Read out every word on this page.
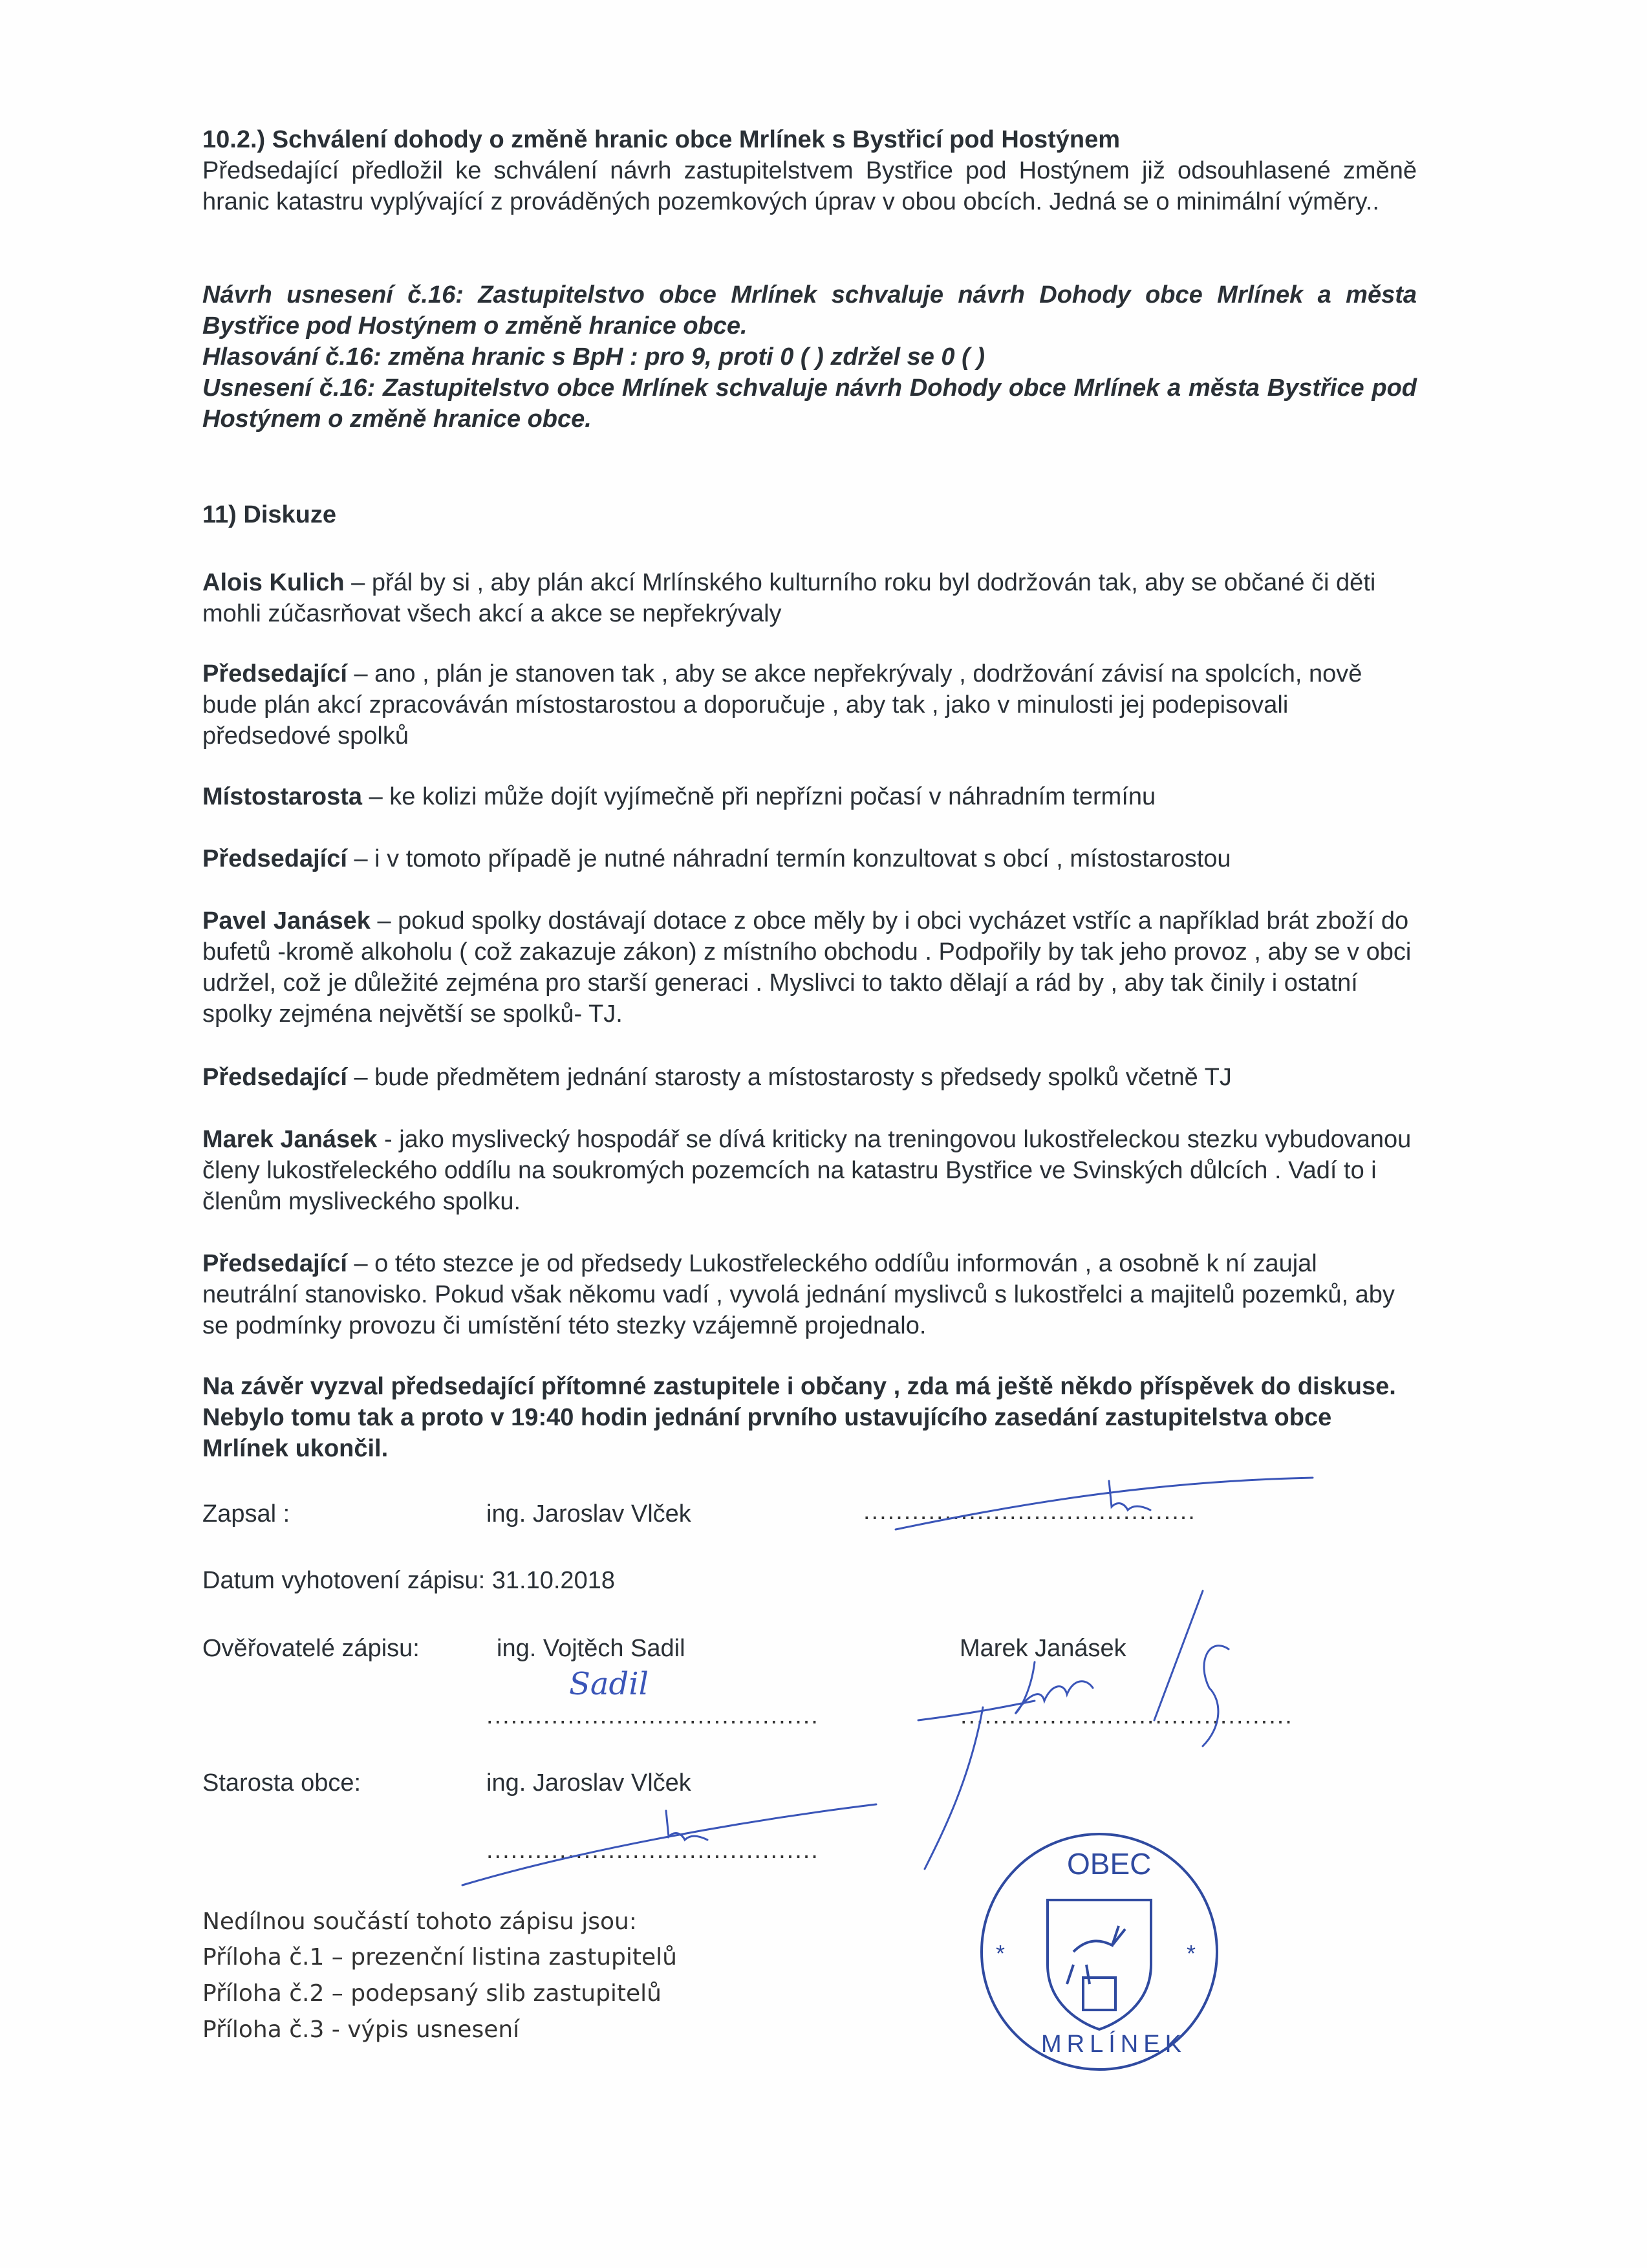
10.2.) Schválení dohody o změně hranic obce Mrlínek s Bystřicí pod Hostýnem
Předsedající předložil ke schválení návrh zastupitelstvem Bystřice pod Hostýnem již odsouhlasené změně hranic katastru vyplývající z prováděných pozemkových úprav v obou obcích. Jedná se o minimální výměry..
Návrh usnesení č.16: Zastupitelstvo obce Mrlínek schvaluje návrh Dohody obce Mrlínek a města Bystřice pod Hostýnem o změně hranice obce.
Hlasování č.16: změna hranic s BpH : pro 9, proti 0 ( ) zdržel se 0 ( )
Usnesení č.16: Zastupitelstvo obce Mrlínek schvaluje návrh Dohody obce Mrlínek a města Bystřice pod Hostýnem o změně hranice obce.
11) Diskuze
Alois Kulich – přál by si , aby plán akcí Mrlínského kulturního roku byl dodržován tak, aby se občané či děti mohli zúčasrňovat všech akcí a akce se nepřekrývaly
Předsedající – ano , plán je stanoven tak , aby se akce nepřekrývaly , dodržování závisí na spolcích, nově bude plán akcí zpracováván místostarostou a doporučuje , aby tak , jako v minulosti jej podepisovali předsedové spolků
Místostarosta – ke kolizi může dojít vyjímečně při nepřízni počasí v náhradním termínu
Předsedající – i v tomoto případě je nutné náhradní termín konzultovat s obcí , místostarostou
Pavel Janásek – pokud spolky dostávají dotace z obce měly by i obci vycházet vstříc a například brát zboží do bufetů -kromě alkoholu ( což zakazuje zákon) z místního obchodu . Podpořily by tak jeho provoz , aby se v obci udržel, což je důležité zejména pro starší generaci . Myslivci to takto dělají a rád by , aby tak činily i ostatní spolky zejména největší se spolků- TJ.
Předsedající – bude předmětem jednání starosty a místostarosty s předsedy spolků včetně TJ
Marek Janásek - jako myslivecký hospodář se dívá kriticky na treningovou lukostřeleckou stezku vybudovanou členy lukostřeleckého oddílu na soukromých pozemcích na katastru Bystřice ve Svinských důlcích . Vadí to i členům mysliveckého spolku.
Předsedající – o této stezce je od předsedy Lukostřeleckého oddíůu informován , a osobně k ní zaujal neutrální stanovisko. Pokud však někomu vadí , vyvolá jednání myslivců s lukostřelci a majitelů pozemků, aby se podmínky provozu či umístění této stezky vzájemně projednalo.
Na závěr vyzval předsedající přítomné zastupitele i občany , zda má ještě někdo příspěvek do diskuse. Nebylo tomu tak a proto v 19:40 hodin jednání prvního ustavujícího zasedání zastupitelstva obce Mrlínek ukončil.
Zapsal :	ing. Jaroslav Vlček	.........................................
Datum vyhotovení zápisu: 31.10.2018
Ověřovatelé zápisu:	ing. Vojtěch Sadil	Marek Janásek
.........................................	.........................................
Sadil
Starosta obce:	ing. Jaroslav Vlček
.........................................
Nedílnou součástí tohoto zápisu jsou:
Příloha č.1 – prezenční listina zastupitelů
Příloha č.2 – podepsaný slib zastupitelů
Příloha č.3 - výpis usnesení
OBEC
MRLÍNEK
*	*
